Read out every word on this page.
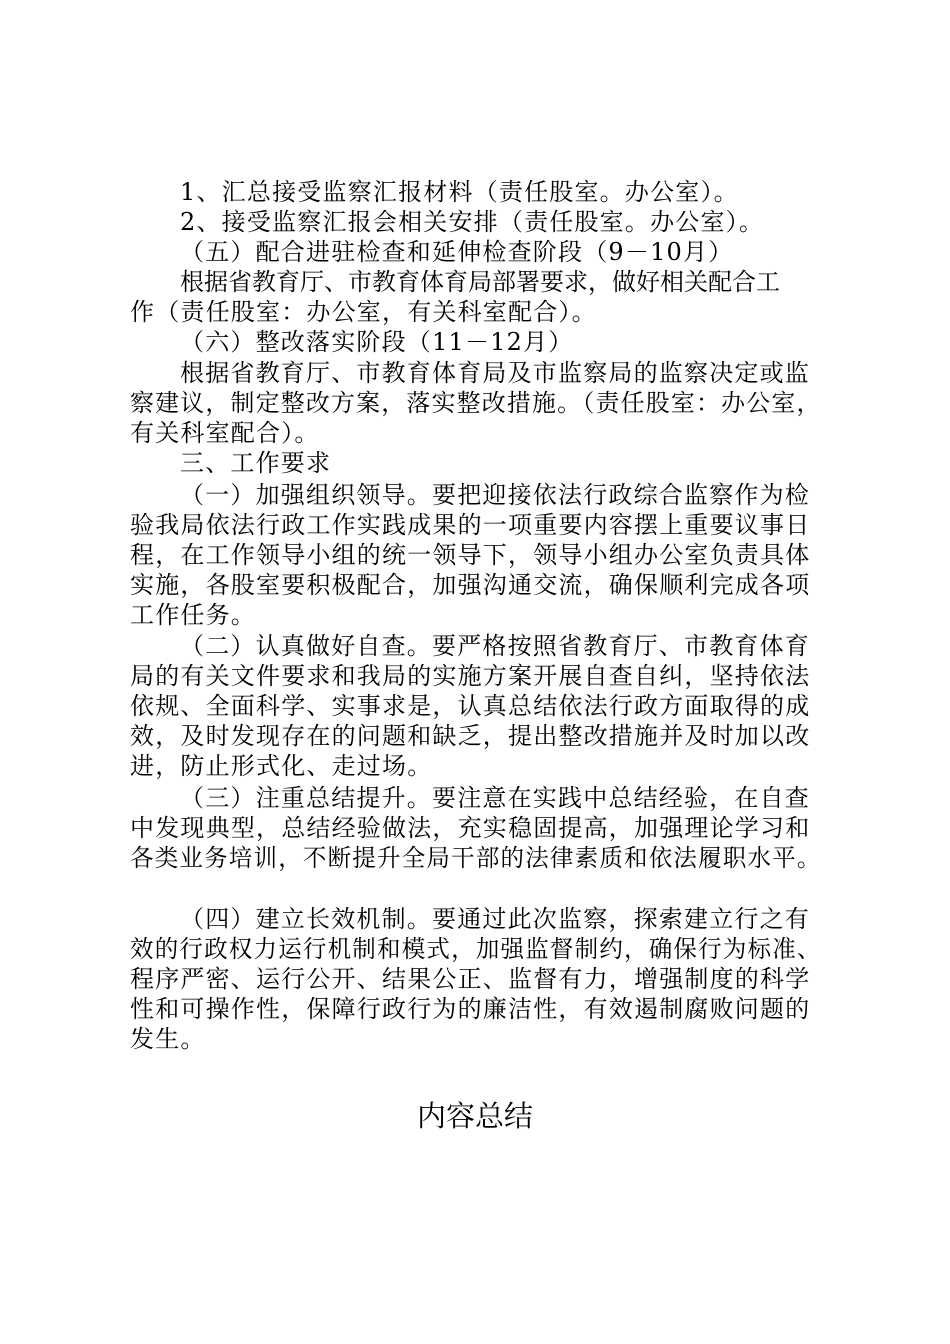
1、汇总接受监察汇报材料（责任股室。办公室）。
2、接受监察汇报会相关安排（责任股室。办公室）。
（五）配合进驻检查和延伸检查阶段（9－10月）
根据省教育厅、市教育体育局部署要求，做好相关配合工
作（责任股室：办公室，有关科室配合）。
（六）整改落实阶段（11－12月）
根据省教育厅、市教育体育局及市监察局的监察决定或监
察建议，制定整改方案，落实整改措施。（责任股室：办公室，
有关科室配合）。
三、工作要求
（一）加强组织领导。要把迎接依法行政综合监察作为检
验我局依法行政工作实践成果的一项重要内容摆上重要议事日
程，在工作领导小组的统一领导下，领导小组办公室负责具体
实施，各股室要积极配合，加强沟通交流，确保顺利完成各项
工作任务。
（二）认真做好自查。要严格按照省教育厅、市教育体育
局的有关文件要求和我局的实施方案开展自查自纠，坚持依法
依规、全面科学、实事求是，认真总结依法行政方面取得的成
效，及时发现存在的问题和缺乏，提出整改措施并及时加以改
进，防止形式化、走过场。
（三）注重总结提升。要注意在实践中总结经验，在自查
中发现典型，总结经验做法，充实稳固提高，加强理论学习和
各类业务培训，不断提升全局干部的法律素质和依法履职水平。
（四）建立长效机制。要通过此次监察，探索建立行之有
效的行政权力运行机制和模式，加强监督制约，确保行为标准、
程序严密、运行公开、结果公正、监督有力，增强制度的科学
性和可操作性，保障行政行为的廉洁性，有效遏制腐败问题的
发生。
内容总结
